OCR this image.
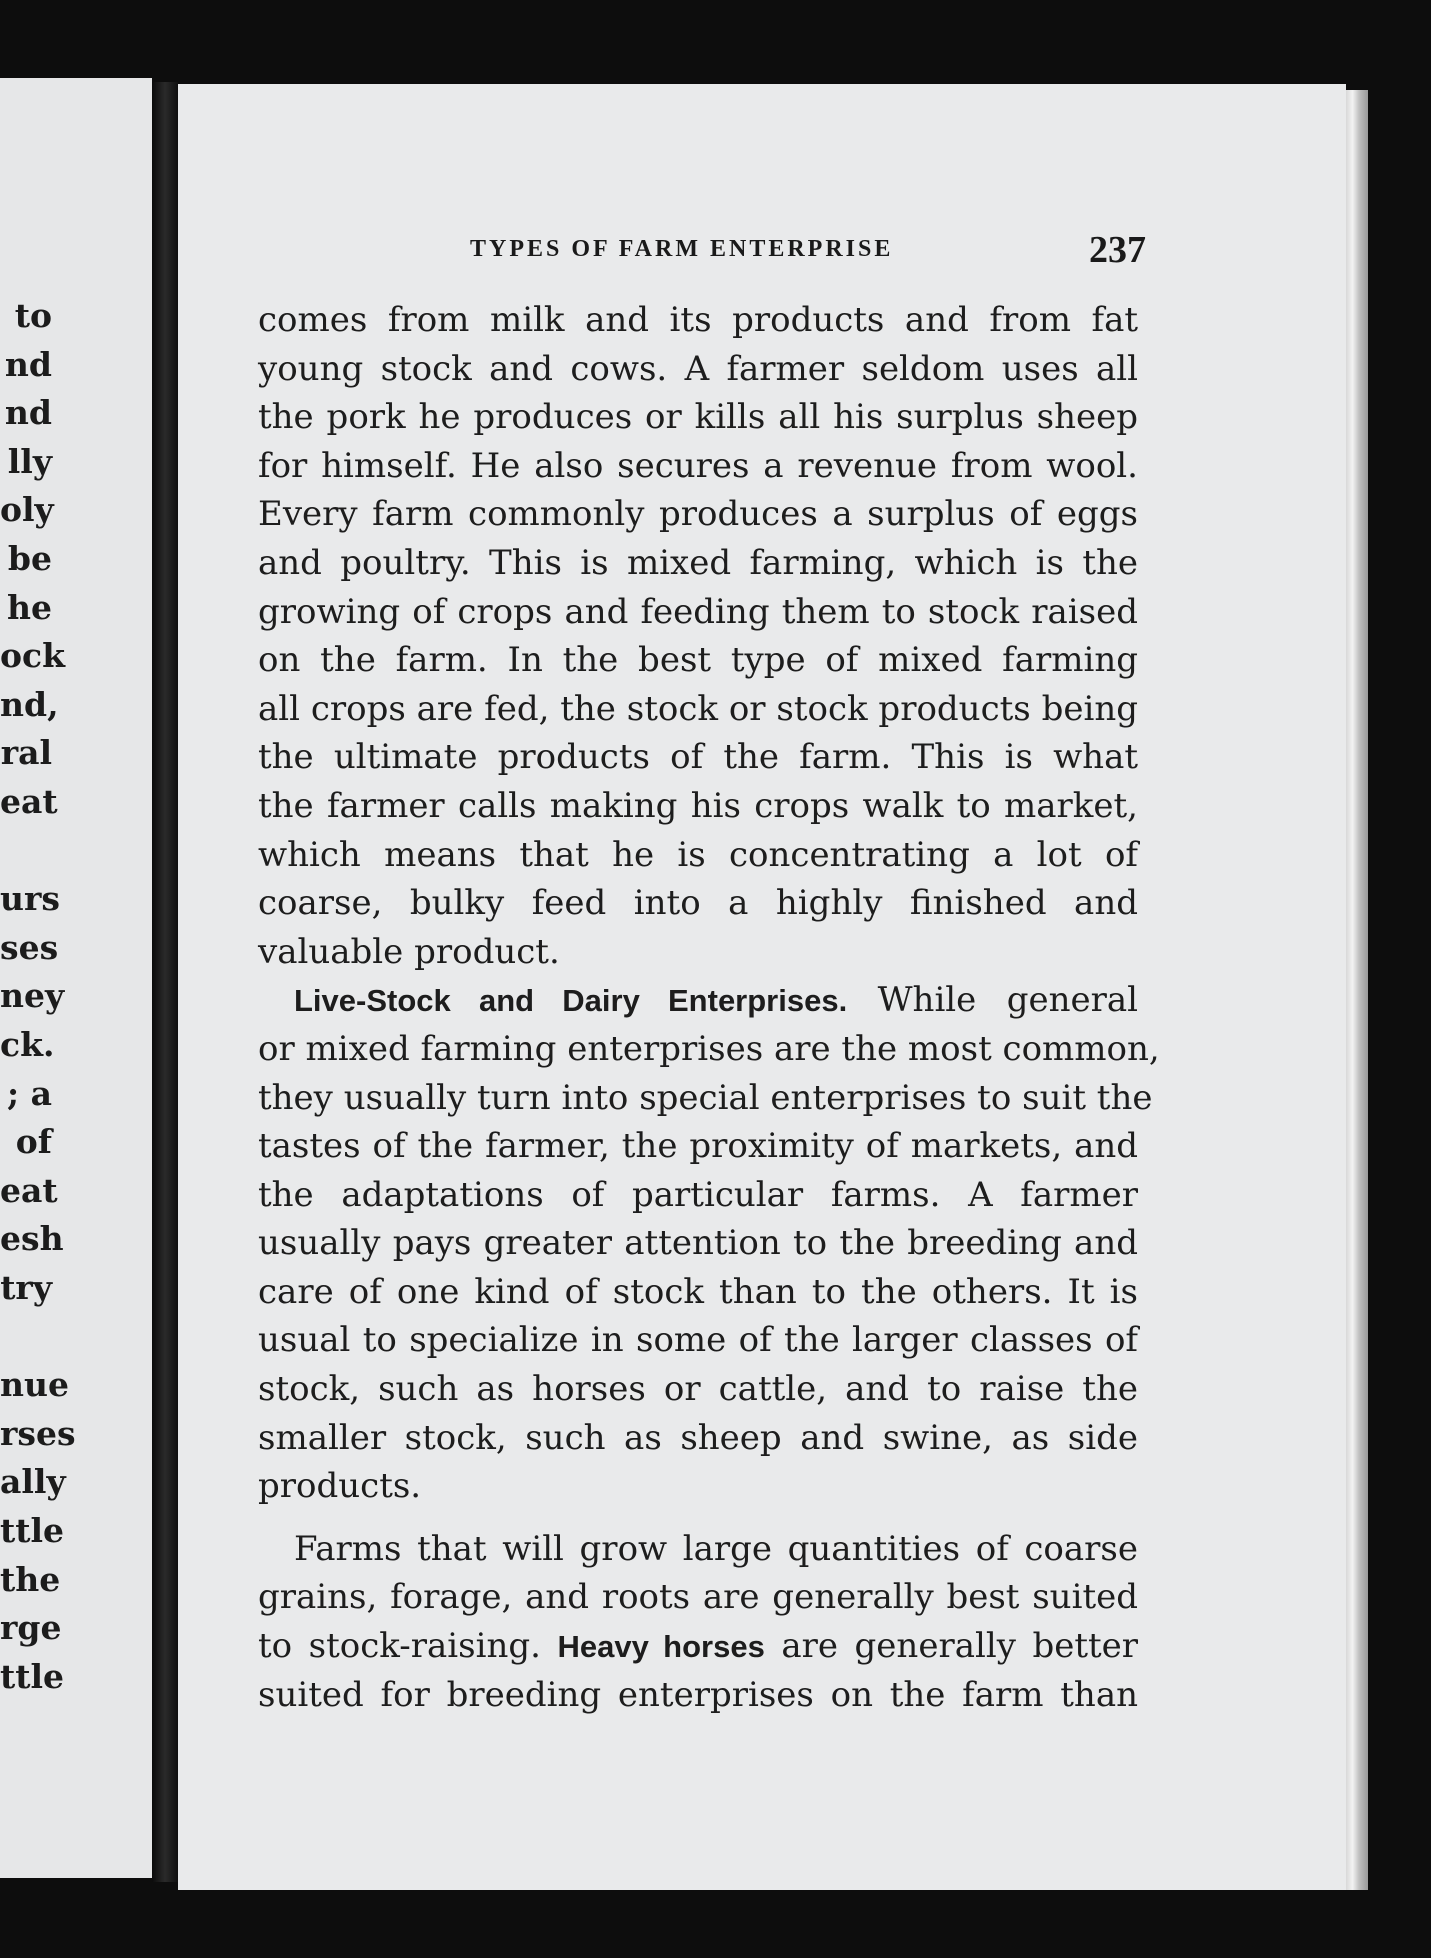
to
nd
nd
lly
oly
be
he
ock
nd,
ral
eat
urs
ses
ney
ck.
; a
of
eat
esh
try
nue
rses
ally
ttle
the
rge
ttle
TYPES OF FARM ENTERPRISE	237
comes from milk and its products and from fat
young stock and cows. A farmer seldom uses all
the pork he produces or kills all his surplus sheep
for himself. He also secures a revenue from wool.
Every farm commonly produces a surplus of eggs
and poultry. This is mixed farming, which is the
growing of crops and feeding them to stock raised
on the farm. In the best type of mixed farming
all crops are fed, the stock or stock products being
the ultimate products of the farm. This is what
the farmer calls making his crops walk to market,
which means that he is concentrating a lot of
coarse, bulky feed into a highly finished and
valuable product.
Live-Stock and Dairy Enterprises. While general
or mixed farming enterprises are the most common,
they usually turn into special enterprises to suit the
tastes of the farmer, the proximity of markets, and
the adaptations of particular farms. A farmer
usually pays greater attention to the breeding and
care of one kind of stock than to the others. It is
usual to specialize in some of the larger classes of
stock, such as horses or cattle, and to raise the
smaller stock, such as sheep and swine, as side
products.
Farms that will grow large quantities of coarse
grains, forage, and roots are generally best suited
to stock-raising. Heavy horses are generally better
suited for breeding enterprises on the farm than
